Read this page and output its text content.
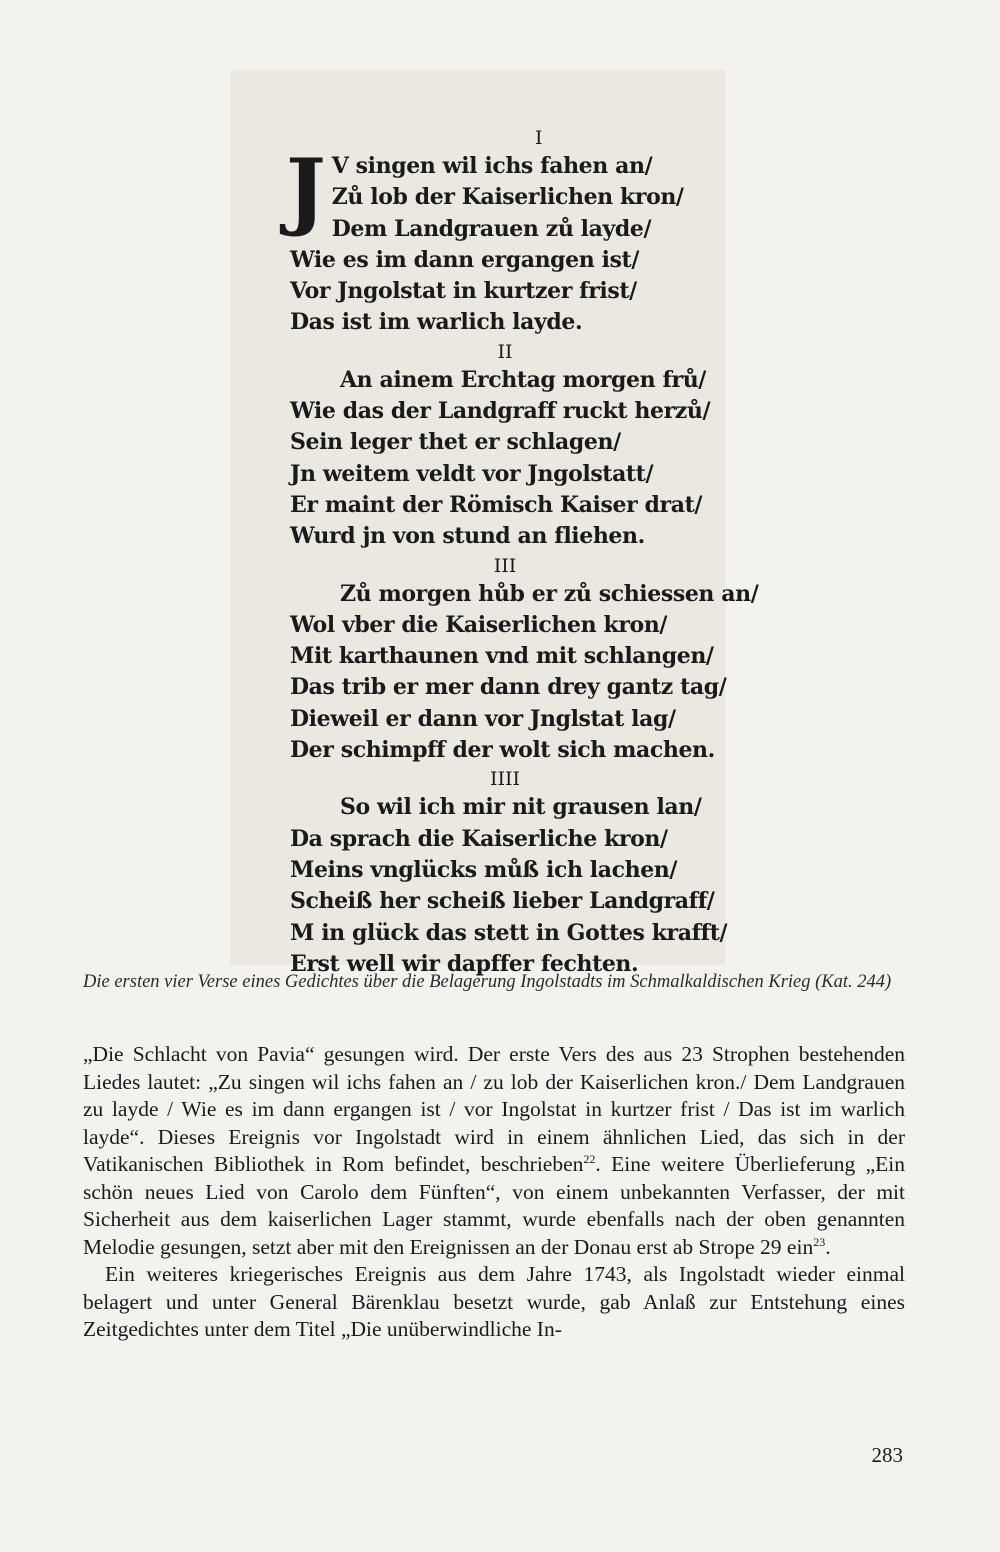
I
J V singen wil ichs fahen an/
Zů lob der Kaiserlichen kron/
Dem Landgrauen zů layde/
Wie es im dann ergangen ist/
Vor Jngolstat in kurtzer frist/
Das ist im warlich layde.
II
An ainem Erchtag morgen frů/
Wie das der Landgraff ruckt herzů/
Sein leger thet er schlagen/
Jn weitem veldt vor Jngolstatt/
Er maint der Römisch Kaiser drat/
Wurd jn von stund an fliehen.
III
Zů morgen hůb er zů schiessen an/
Wol vber die Kaiserlichen kron/
Mit karthaunen vnd mit schlangen/
Das trib er mer dann drey gantz tag/
Dieweil er dann vor Jnglstat lag/
Der schimpff der wolt sich machen.
IIII
So wil ich mir nit grausen lan/
Da sprach die Kaiserliche kron/
Meins vnglücks můß ich lachen/
Scheiß her scheiß lieber Landgraff/
M in glück das stett in Gottes krafft/
Erst well wir dapffer fechten.
Die ersten vier Verse eines Gedichtes über die Belagerung Ingolstadts im Schmalkaldischen Krieg (Kat. 244)

„Die Schlacht von Pavia“ gesungen wird. Der erste Vers des aus 23 Strophen bestehenden Liedes lautet: „Zu singen wil ichs fahen an / zu lob der Kaiserlichen kron./ Dem Landgrauen zu layde / Wie es im dann ergangen ist / vor Ingolstat in kurtzer frist / Das ist im warlich layde“. Dieses Ereignis vor Ingolstadt wird in einem ähnlichen Lied, das sich in der Vatikanischen Bibliothek in Rom befindet, beschrieben$^{22}$. Eine weitere Überlieferung „Ein schön neues Lied von Carolo dem Fünften“, von einem unbekannten Verfasser, der mit Sicherheit aus dem kaiserlichen Lager stammt, wurde ebenfalls nach der oben genannten Melodie gesungen, setzt aber mit den Ereignissen an der Donau erst ab Strope 29 ein$^{23}$.

Ein weiteres kriegerisches Ereignis aus dem Jahre 1743, als Ingolstadt wieder einmal belagert und unter General Bärenklau besetzt wurde, gab Anlaß zur Entstehung eines Zeitgedichtes unter dem Titel „Die unüberwindliche In-

283
